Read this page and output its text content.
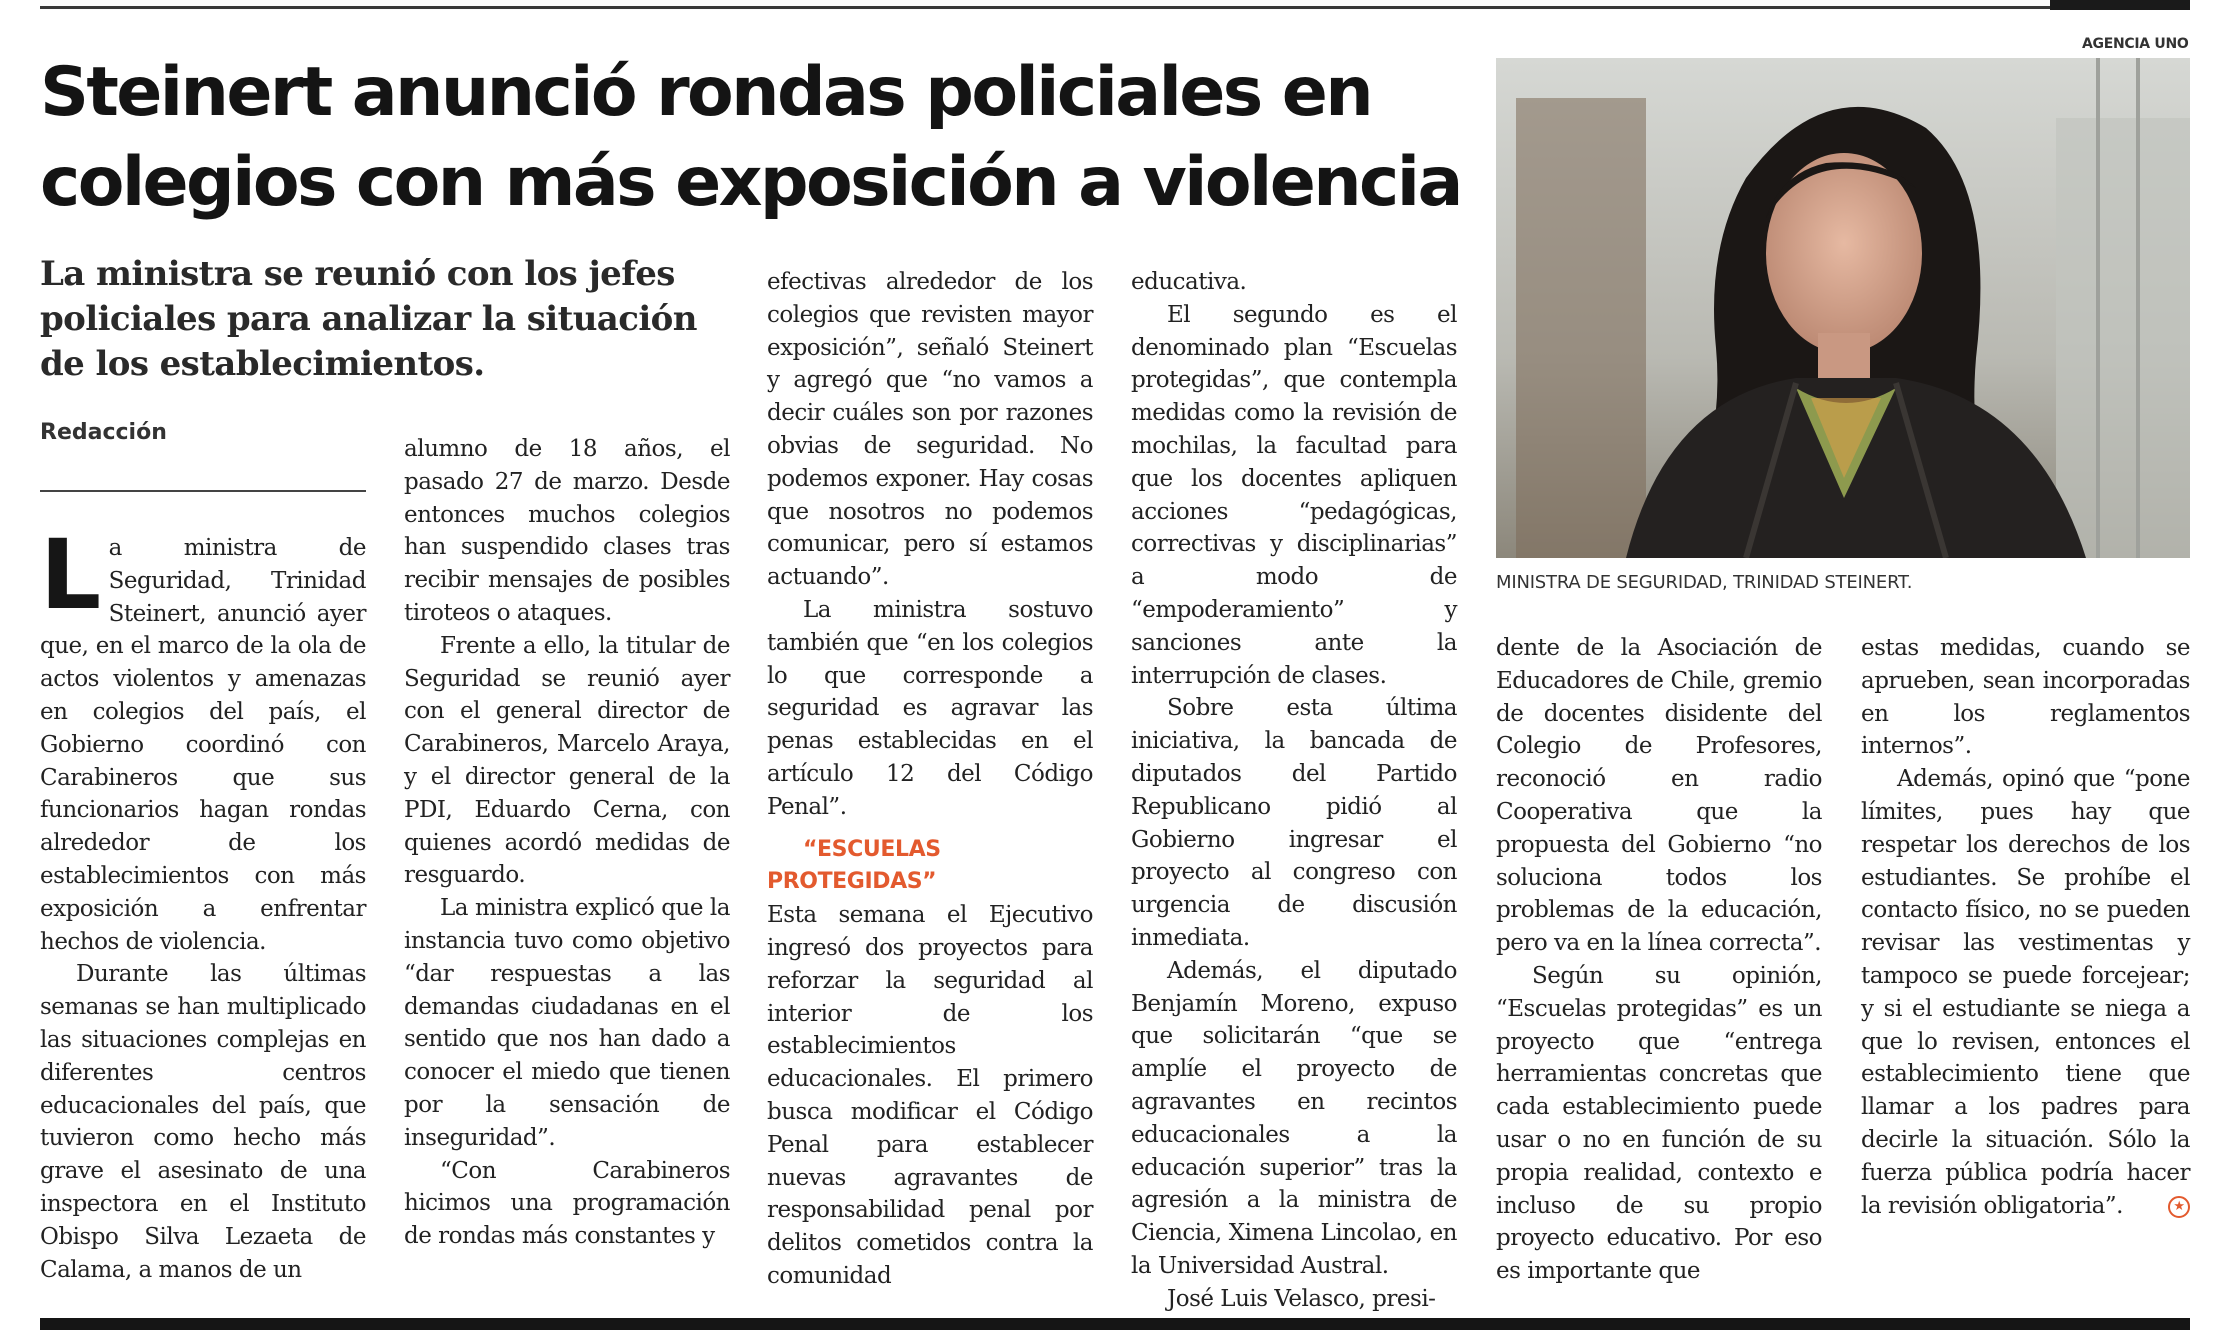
Steinert anunció rondas policiales en colegios con más exposición a violencia
La ministra se reunió con los jefes policiales para analizar la situación de los establecimientos.
Redacción

La ministra de Seguridad, Trinidad Steinert, anunció ayer que, en el marco de la ola de actos violentos y amenazas en colegios del país, el Gobierno coordinó con Carabineros que sus funcionarios hagan rondas alrededor de los establecimientos con más exposición a enfrentar hechos de violencia.

Durante las últimas semanas se han multiplicado las situaciones complejas en diferentes centros educacionales del país, que tuvieron como hecho más grave el asesinato de una inspectora en el Instituto Obispo Silva Lezaeta de Calama, a manos de un

alumno de 18 años, el pasado 27 de marzo. Desde entonces muchos colegios han suspendido clases tras recibir mensajes de posibles tiroteos o ataques.

Frente a ello, la titular de Seguridad se reunió ayer con el general director de Carabineros, Marcelo Araya, y el director general de la PDI, Eduardo Cerna, con quienes acordó medidas de resguardo.

La ministra explicó que la instancia tuvo como objetivo “dar respuestas a las demandas ciudadanas en el sentido que nos han dado a conocer el miedo que tienen por la sensación de inseguridad”.

“Con Carabineros hicimos una programación de rondas más constantes y

efectivas alrededor de los colegios que revisten mayor exposición”, señaló Steinert y agregó que “no vamos a decir cuáles son por razones obvias de seguridad. No podemos exponer. Hay cosas que nosotros no podemos comunicar, pero sí estamos actuando”.

La ministra sostuvo también que “en los colegios lo que corresponde a seguridad es agravar las penas establecidas en el artículo 12 del Código Penal”.

“ESCUELAS PROTEGIDAS”

Esta semana el Ejecutivo ingresó dos proyectos para reforzar la seguridad al interior de los establecimientos educacionales. El primero busca modificar el Código Penal para establecer nuevas agravantes de responsabilidad penal por delitos cometidos contra la comunidad

educativa.

El segundo es el denominado plan “Escuelas protegidas”, que contempla medidas como la revisión de mochilas, la facultad para que los docentes apliquen acciones “pedagógicas, correctivas y disciplinarias” a modo de “empoderamiento” y sanciones ante la interrupción de clases.

Sobre esta última iniciativa, la bancada de diputados del Partido Republicano pidió al Gobierno ingresar el proyecto al congreso con urgencia de discusión inmediata.

Además, el diputado Benjamín Moreno, expuso que solicitarán “que se amplíe el proyecto de agravantes en recintos educacionales a la educación superior” tras la agresión a la ministra de Ciencia, Ximena Lincolao, en la Universidad Austral.

José Luis Velasco, presi-

dente de la Asociación de Educadores de Chile, gremio de docentes disidente del Colegio de Profesores, reconoció en radio Cooperativa que la propuesta del Gobierno “no soluciona todos los problemas de la educación, pero va en la línea correcta”.

Según su opinión, “Escuelas protegidas” es un proyecto que “entrega herramientas concretas que cada establecimiento puede usar o no en función de su propia realidad, contexto e incluso de su propio proyecto educativo. Por eso es importante que

estas medidas, cuando se aprueben, sean incorporadas en los reglamentos internos”.

Además, opinó que “pone límites, pues hay que respetar los derechos de los estudiantes. Se prohíbe el contacto físico, no se pueden revisar las vestimentas y tampoco se puede forcejear; y si el estudiante se niega a que lo revisen, entonces el establecimiento tiene que llamar a los padres para decirle la situación. Sólo la fuerza pública podría hacer la revisión obligatoria”.	★

AGENCIA UNO
MINISTRA DE SEGURIDAD, TRINIDAD STEINERT.
